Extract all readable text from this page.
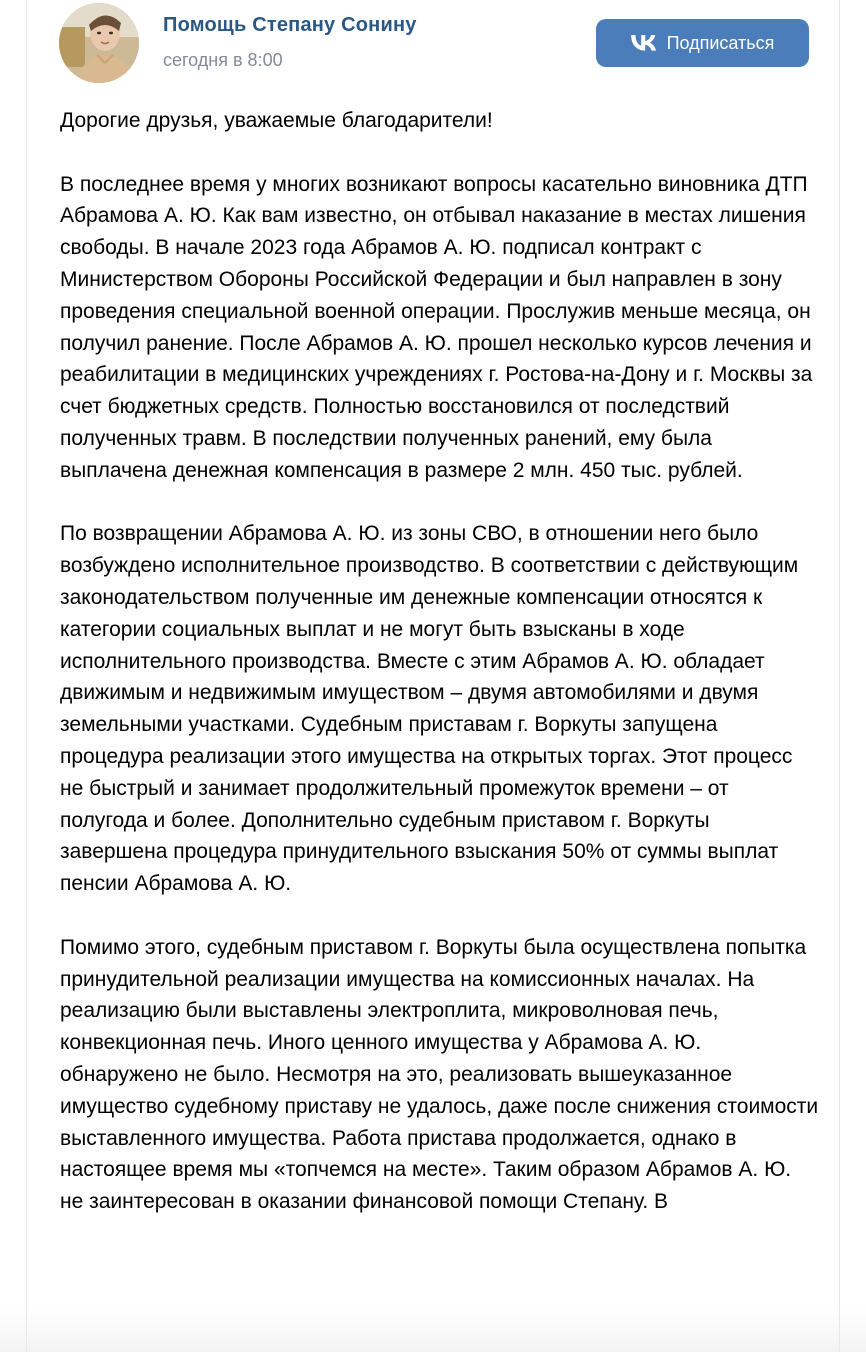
Помощь Степану Сонину
сегодня в 8:00
Подписаться

Дорогие друзья, уважаемые благодарители!

В последнее время у многих возникают вопросы касательно виновника ДТП Абрамова А. Ю. Как вам известно, он отбывал наказание в местах лишения свободы. В начале 2023 года Абрамов А. Ю. подписал контракт с Министерством Обороны Российской Федерации и был направлен в зону проведения специальной военной операции. Прослужив меньше месяца, он получил ранение. После Абрамов А. Ю. прошел несколько курсов лечения и реабилитации в медицинских учреждениях г. Ростова-на-Дону и г. Москвы за счет бюджетных средств. Полностью восстановился от последствий полученных травм. В последствии полученных ранений, ему была выплачена денежная компенсация в размере 2 млн. 450 тыс. рублей.

По возвращении Абрамова А. Ю. из зоны СВО, в отношении него было возбуждено исполнительное производство. В соответствии с действующим законодательством полученные им денежные компенсации относятся к категории социальных выплат и не могут быть взысканы в ходе исполнительного производства. Вместе с этим Абрамов А. Ю. обладает движимым и недвижимым имуществом – двумя автомобилями и двумя земельными участками. Судебным приставам г. Воркуты запущена процедура реализации этого имущества на открытых торгах. Этот процесс не быстрый и занимает продолжительный промежуток времени – от полугода и более. Дополнительно судебным приставом г. Воркуты завершена процедура принудительного взыскания 50% от суммы выплат пенсии Абрамова А. Ю.

Помимо этого, судебным приставом г. Воркуты была осуществлена попытка принудительной реализации имущества на комиссионных началах. На реализацию были выставлены электроплита, микроволновая печь, конвекционная печь. Иного ценного имущества у Абрамова А. Ю. обнаружено не было. Несмотря на это, реализовать вышеуказанное имущество судебному приставу не удалось, даже после снижения стоимости выставленного имущества. Работа пристава продолжается, однако в настоящее время мы «топчемся на месте». Таким образом Абрамов А. Ю. не заинтересован в оказании финансовой помощи Степану. В
